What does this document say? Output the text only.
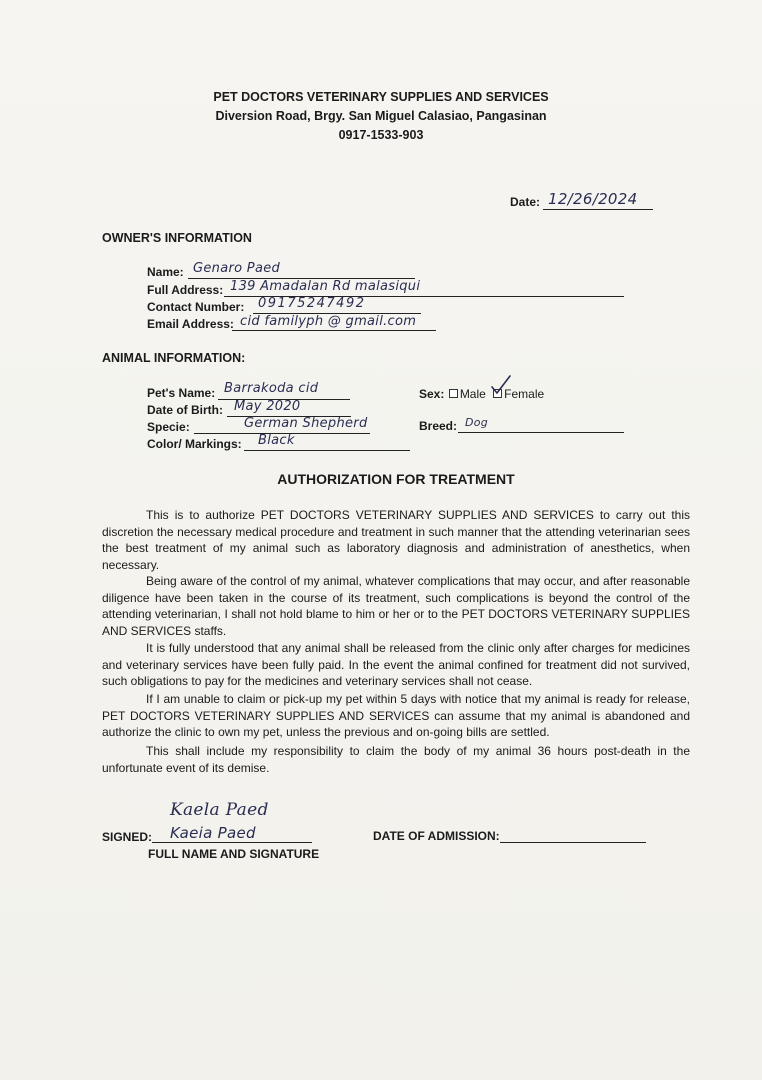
PET DOCTORS VETERINARY SUPPLIES AND SERVICES
Diversion Road, Brgy. San Miguel Calasiao, Pangasinan
0917-1533-903
Date: 12/26/2024
OWNER'S INFORMATION
Name: Genaro Paed
Full Address: 139 Amadalan Rd malasiqui
Contact Number: 09175247492
Email Address: cid familyph @ gmail.com
ANIMAL INFORMATION:
Pet's Name: Barrakoda cid
Date of Birth: May 2020
Specie:	German Shepherd
Color/ Markings: Black
Sex: Male Female
Breed: Dog
AUTHORIZATION FOR TREATMENT
This is to authorize PET DOCTORS VETERINARY SUPPLIES AND SERVICES to carry out this discretion the necessary medical procedure and treatment in such manner that the attending veterinarian sees the best treatment of my animal such as laboratory diagnosis and administration of anesthetics, when necessary.
Being aware of the control of my animal, whatever complications that may occur, and after reasonable diligence have been taken in the course of its treatment, such complications is beyond the control of the attending veterinarian, I shall not hold blame to him or her or to the PET DOCTORS VETERINARY SUPPLIES AND SERVICES staffs.
It is fully understood that any animal shall be released from the clinic only after charges for medicines and veterinary services have been fully paid. In the event the animal confined for treatment did not survived, such obligations to pay for the medicines and veterinary services shall not cease.
If I am unable to claim or pick-up my pet within 5 days with notice that my animal is ready for release, PET DOCTORS VETERINARY SUPPLIES AND SERVICES can assume that my animal is abandoned and authorize the clinic to own my pet, unless the previous and on-going bills are settled.
This shall include my responsibility to claim the body of my animal 36 hours post-death in the unfortunate event of its demise.
Kaela Paed
SIGNED: Kaeia Paed
FULL NAME AND SIGNATURE
DATE OF ADMISSION:
